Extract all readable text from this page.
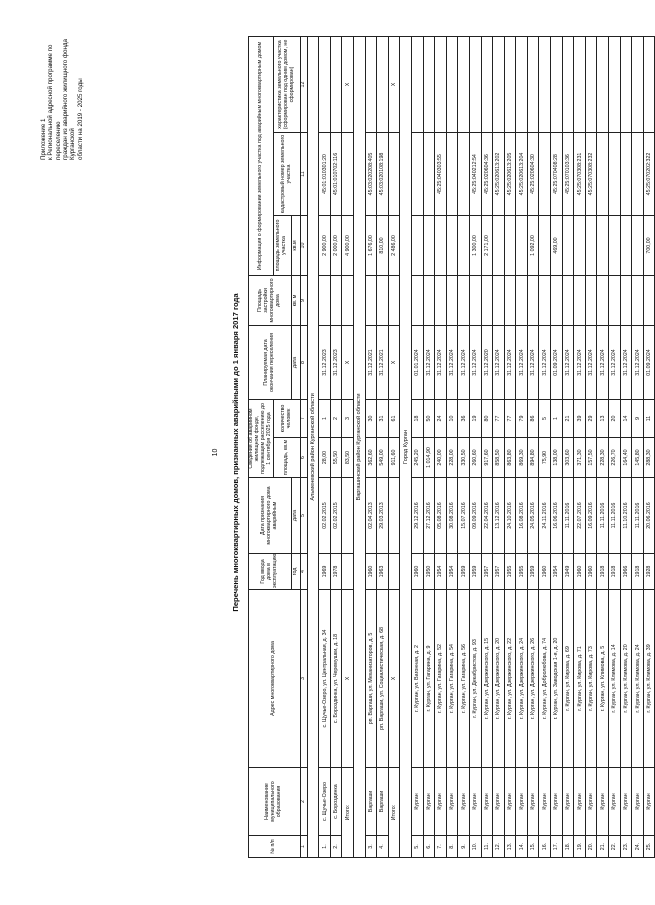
10
Приложение 1 к Региональной адресной программе по переселению граждан из аварийного жилищного фонда Курганской области на 2019 - 2025 годы
Перечень многоквартирных домов, признанных аварийными до 1 января 2017 года
№ п/п	Наименование муниципального образования	Адрес многоквартирного дома	Год ввода дома в эксплуатацию	Дата признания многоквартирного дома аварийным	Сведения об аварийном жилищном фонде, подлежащем расселению до 1 сентября 2025 года		Планируемая дата окончания переселения	Площадь застройки многоквартирного дома	Информация о формировании земельного участка под аварийным многоквартирным домом		
					площадь, кв.м	количество человек			площадь земельного участка	кадастровый номер земельного участка	характеристика земельного участка (сформирован под одним домом, не сформирован)
			год	дата			дата	кв. м	кв.м		
1	2	3	4	5	6	7	8	9	10	11	12
Альменевский район Курганской области											
1.	с. Щучье-Озеро	с. Щучье-Озеро, ул. Центральная, д. 34	1969	02.02.2015	28,00	1	31.12.2023		2 900,00	45:01:010301:20	
2.	с. Бороздинка	с. Бороздинка, ул. Черемушки, д. 18	1978	02.02.2015	55,50	2	31.12.2023		2 000,00	45:01:010702:116	
Итого:		Х			83,50	3	Х		4 900,00		Х
Варгашинский район Курганской области											
3.	Варгаши	рп. Варгаши, ул. Механизаторов, д. 5	1960	02.04.2013	362,60	30	31.12.2021		1 676,00	45:03:020208:405	
4.	Варгаши	рп. Варгаши, ул. Социалистическая, д. 68	1963	29.03.2013	549,00	31	31.12.2021		810,00	45:03:020108:198	
Итого:		Х			911,60	61	Х		2 486,00		Х
Город Курган											
5.	Курган	г. Курган, ул. Вагонная, д. 2	1960	29.12.2016	245,20	18	01.01.2024				
6.	Курган	г. Курган, ул. Гагарина, д. 9	1950	27.12.2016	1 014,90	50	31.12.2024				
7.	Курган	г. Курган, ул. Гагарина, д. 52	1954	05.08.2016	240,00	24	31.12.2024			45:25:040303:55	
8.	Курган	г. Курган, ул. Гагарина, д. 54	1954	30.08.2016	228,00	10	31.12.2024				
9.	Курган	г. Курган, ул. Гагарина, д. 56	1959	15.07.2016	330,50	36	31.12.2024				
10.	Курган	г. Курган, ул. Декабристов, д. 93	1959	09.09.2016	260,60	19	31.12.2024		1 300,00	45:25:040212:54	
11.	Курган	г. Курган, ул. Дзержинского, д. 15	1957	22.04.2016	917,60	80	31.12.2020		2 171,00	45:25:020604:36	
12.	Курган	г. Курган, ул. Дзержинского, д. 20	1957	13.12.2016	858,50	77	31.12.2024			45:25:020613:202	
13.	Курган	г. Курган, ул. Дзержинского, д. 22	1955	24.10.2016	863,80	77	31.12.2024			45:25:020613:205	
14.	Курган	г. Курган, ул. Дзержинского, д. 24	1955	16.08.2016	869,30	79	31.12.2024			45:25:020613:204	
15.	Курган	г. Курган, ул. Дзержинского, д. 26	1959	24.05.2016	894,80	86	31.12.2024		1 092,00	45:25:020604:30	
16.	Курган	г. Курган, ул. Добролюбова, д. 74	1960	24.11.2016	75,90	5	31.12.2024				
17.	Курган	г. Курган, ул. Заводская 1-я, д. 20	1954	16.06.2016	138,00	1	01.09.2024		469,00	45:25:070408:28	
18.	Курган	г. Курган, ул. Кирова, д. 69	1949	11.11.2016	303,60	21	31.12.2024			45:25:070103:36	
19.	Курган	г. Курган, ул. Кирова, д. 71	1960	22.07.2016	371,30	39	31.12.2024			45:25:070308:231	
20.	Курган	г. Курган, ул. Кирова, д. 73	1960	16.09.2016	157,50	29	31.12.2024			45:25:070308:232	
21.	Курган	г. Курган, ул. Климова, д. 5	1918	11.11.2016	228,30	13	31.12.2024				
22.	Курган	г. Курган, ул. Климова, д. 14	1918	11.11.2016	226,70	20	31.12.2024				
23.	Курган	г. Курган, ул. Климова, д. 20	1966	11.10.2016	164,40	14	31.12.2024				
24.	Курган	г. Курган, ул. Климова, д. 24	1918	11.11.2016	145,80	9	31.12.2024				
25.	Курган	г. Курган, ул. Климова, д. 39	1928	20.06.2016	288,30	11	01.09.2024		700,00	45:25:070202:322	
